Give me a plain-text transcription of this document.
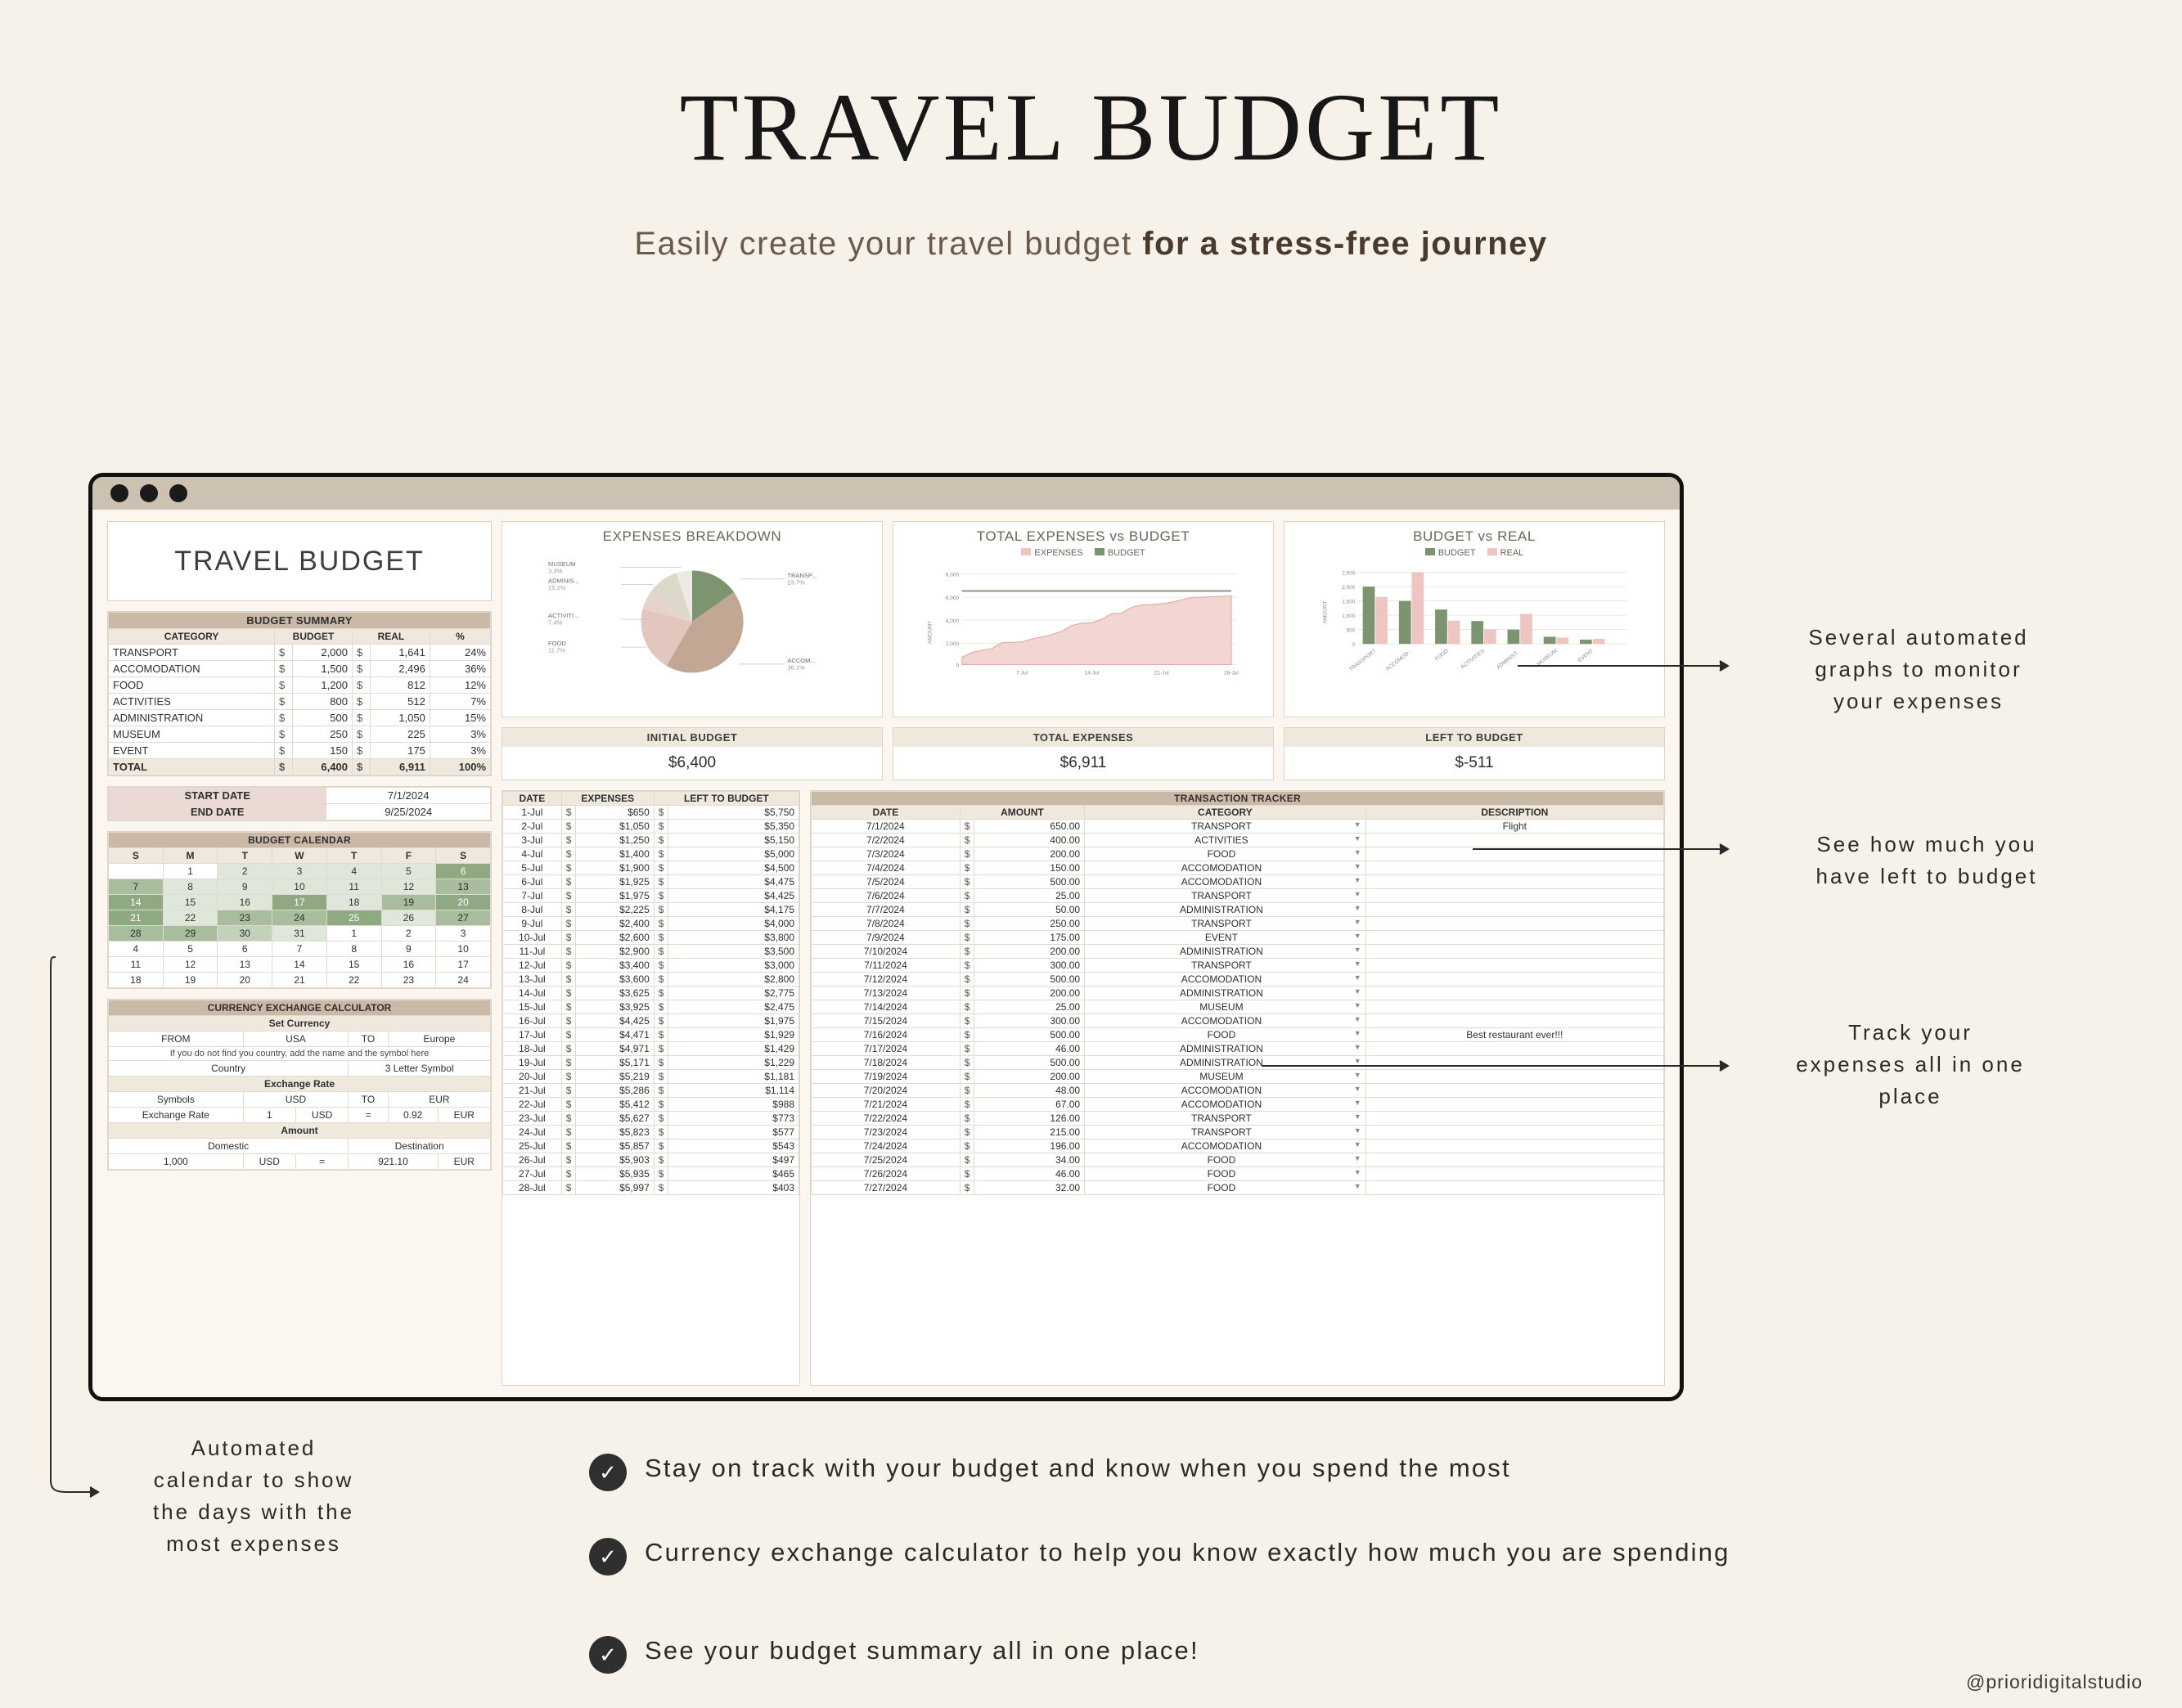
TRAVEL BUDGET
Easily create your travel budget for a stress-free journey
TRAVEL BUDGET
BUDGET SUMMARY					
CATEGORY	BUDGET		REAL		%
TRANSPORT	$	2,000	$	1,641	24%
ACCOMODATION	$	1,500	$	2,496	36%
FOOD	$	1,200	$	812	12%
ACTIVITIES	$	800	$	512	7%
ADMINISTRATION	$	500	$	1,050	15%
MUSEUM	$	250	$	225	3%
EVENT	$	150	$	175	3%
TOTAL	$	6,400	$	6,911	100%
START DATE	7/1/2024
END DATE	9/25/2024
BUDGET CALENDAR						
S	M	T	W	T	F	S
	1	2	3	4	5	6
7	8	9	10	11	12	13
14	15	16	17	18	19	20
21	22	23	24	25	26	27
28	29	30	31	1	2	3
4	5	6	7	8	9	10
11	12	13	14	15	16	17
18	19	20	21	22	23	24
CURRENCY EXCHANGE CALCULATOR					
Set Currency					
FROM	USA		TO	Europe	
If you do not find you country, add the name and the symbol here					
Country			3 Letter Symbol		
Exchange Rate					
Symbols	USD		TO	EUR	
Exchange Rate	1	USD	=	0.92	EUR
Amount					
Domestic			Destination		
1,000	USD	=	921.10		EUR
EXPENSES BREAKDOWN
MUSEUM
3.3%
ADMINIS...
15.2%
ACTIVITI...
7.4%
FOOD
11.7%
TRANSP...
23.7%
ACCOM...
36.1%
TOTAL EXPENSES vs BUDGET
EXPENSES	BUDGET
AMOUNT
8,000
6,000
4,000
2,000
0
7-Jul	14-Jul	21-Jul	28-Jul
BUDGET vs REAL
BUDGET	REAL
AMOUNT
2,500
2,000
1,500
1,000
500
0
TRANSPORT ACCOMOD...	FOOD ACTIVITIES ADMINIST... MUSEUM	EVENT
INITIAL BUDGET
$6,400
TOTAL EXPENSES
$6,911
LEFT TO BUDGET
$-511
DATE	EXPENSES		LEFT TO BUDGET	
1-Jul	$	$650	$	$5,750
2-Jul	$	$1,050	$	$5,350
3-Jul	$	$1,250	$	$5,150
4-Jul	$	$1,400	$	$5,000
5-Jul	$	$1,900	$	$4,500
6-Jul	$	$1,925	$	$4,475
7-Jul	$	$1,975	$	$4,425
8-Jul	$	$2,225	$	$4,175
9-Jul	$	$2,400	$	$4,000
10-Jul	$	$2,600	$	$3,800
11-Jul	$	$2,900	$	$3,500
12-Jul	$	$3,400	$	$3,000
13-Jul	$	$3,600	$	$2,800
14-Jul	$	$3,625	$	$2,775
15-Jul	$	$3,925	$	$2,475
16-Jul	$	$4,425	$	$1,975
17-Jul	$	$4,471	$	$1,929
18-Jul	$	$4,971	$	$1,429
19-Jul	$	$5,171	$	$1,229
20-Jul	$	$5,219	$	$1,181
21-Jul	$	$5,286	$	$1,114
22-Jul	$	$5,412	$	$988
23-Jul	$	$5,627	$	$773
24-Jul	$	$5,823	$	$577
25-Jul	$	$5,857	$	$543
26-Jul	$	$5,903	$	$497
27-Jul	$	$5,935	$	$465
28-Jul	$	$5,997	$	$403
TRANSACTION TRACKER				
DATE	AMOUNT		CATEGORY	DESCRIPTION
7/1/2024	$	650.00	TRANSPORT ▼	Flight
7/2/2024	$	400.00	ACTIVITIES ▼	

7/3/2024	$	200.00	FOOD ▼	

7/4/2024	$	150.00	ACCOMODATION ▼	

7/5/2024	$	500.00	ACCOMODATION ▼	

7/6/2024	$	25.00	TRANSPORT ▼	

7/7/2024	$	50.00	ADMINISTRATION ▼	

7/8/2024	$	250.00	TRANSPORT ▼	

7/9/2024	$	175.00	EVENT ▼	

7/10/2024	$	200.00	ADMINISTRATION ▼	

7/11/2024	$	300.00	TRANSPORT ▼	

7/12/2024	$	500.00	ACCOMODATION ▼	

7/13/2024	$	200.00	ADMINISTRATION ▼	

7/14/2024	$	25.00	MUSEUM ▼	

7/15/2024	$	300.00	ACCOMODATION ▼	

7/16/2024	$	500.00	FOOD ▼	Best restaurant ever!!!
7/17/2024	$	46.00	ADMINISTRATION ▼	

7/18/2024	$	500.00	ADMINISTRATION ▼	

7/19/2024	$	200.00	MUSEUM ▼	

7/20/2024	$	48.00	ACCOMODATION ▼	

7/21/2024	$	67.00	ACCOMODATION ▼	

7/22/2024	$	126.00	TRANSPORT ▼	

7/23/2024	$	215.00	TRANSPORT ▼	

7/24/2024	$	196.00	ACCOMODATION ▼	

7/25/2024	$	34.00	FOOD ▼	

7/26/2024	$	46.00	FOOD ▼	

7/27/2024	$	32.00	FOOD ▼	

Several automated
graphs to monitor
your expenses
See how much you
have left to budget
Track your
expenses all in one
place
Automated
calendar to show
the days with the
most expenses
✓	Stay on track with your budget and know when you spend the most
✓	Currency exchange calculator to help you know exactly how much you are spending
✓	See your budget summary all in one place!
@prioridigitalstudio
